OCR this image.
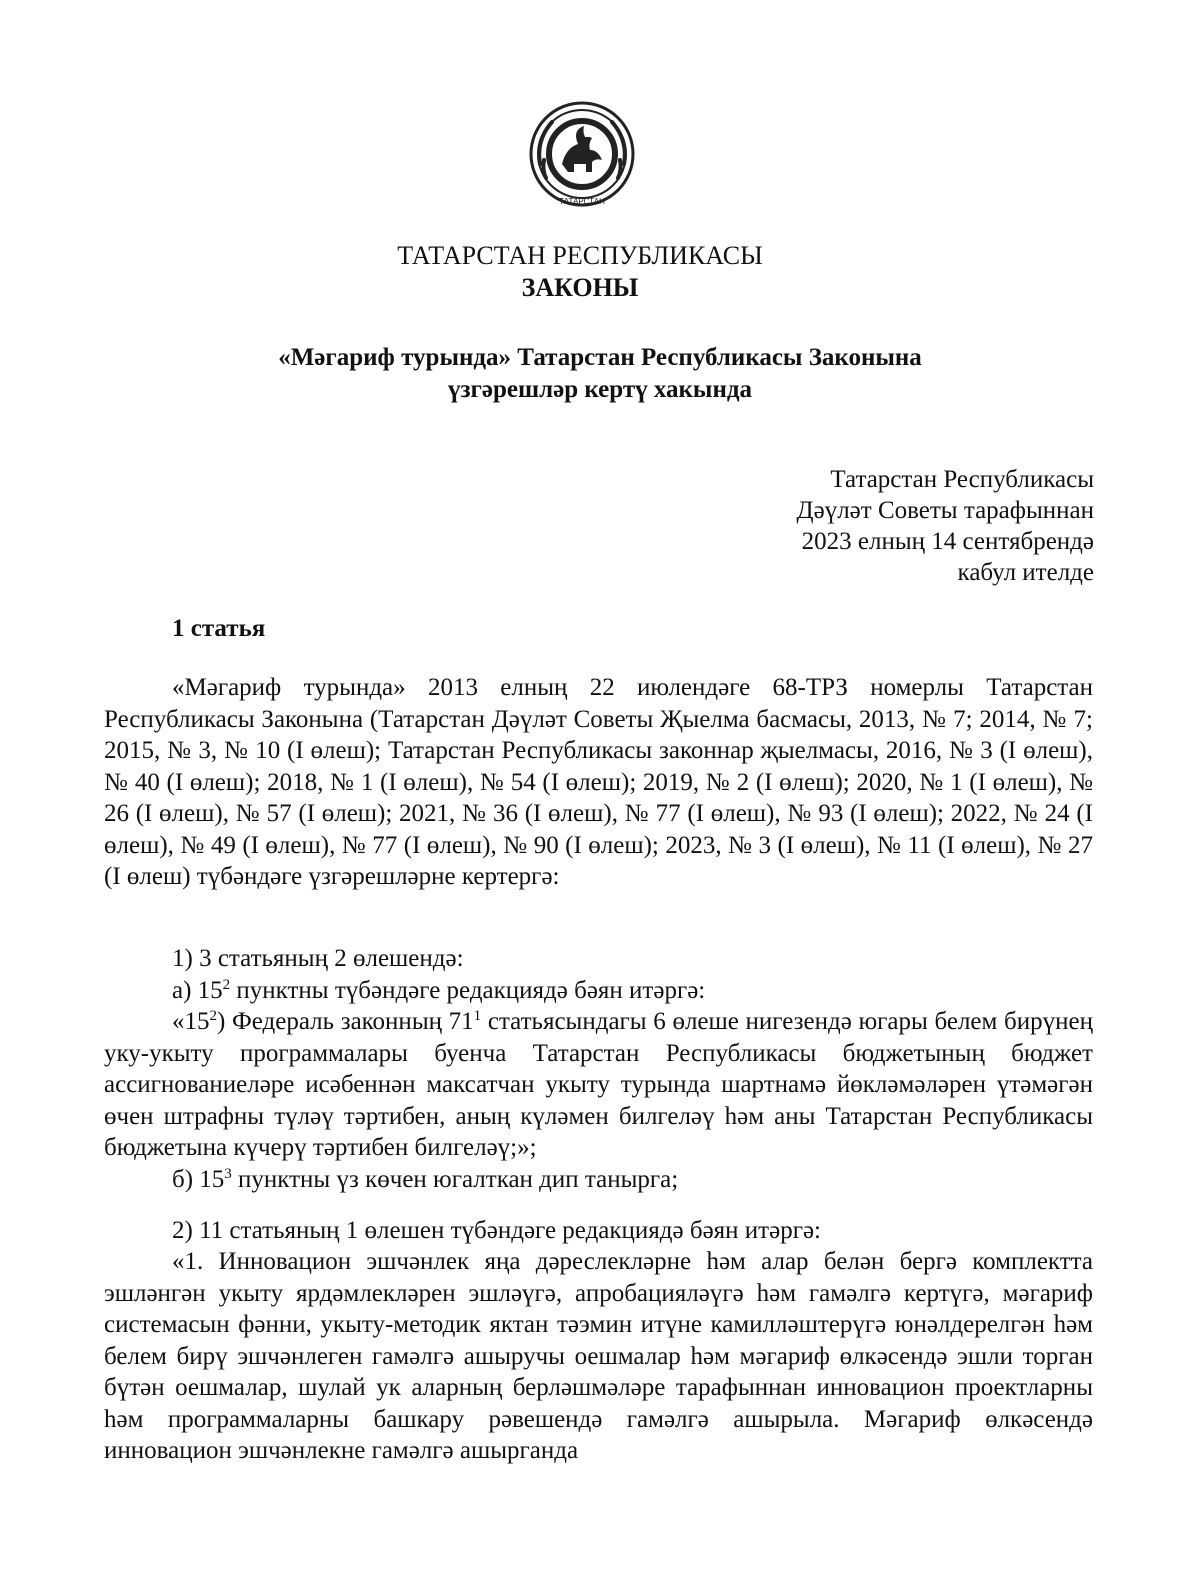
ТАТАРСТАН
ТАТАРСТАН РЕСПУБЛИКАСЫ
ЗАКОНЫ
«Мәгариф турында» Татарстан Республикасы Законына
үзгәрешләр кертү хакында
Татарстан Республикасы
Дәүләт Советы тарафыннан
2023 елның 14 сентябрендә
кабул ителде
1 статья
«Мәгариф турында» 2013 елның 22 июлендәге 68-ТРЗ номерлы Татарстан Республикасы Законына (Татарстан Дәүләт Советы Җыелма басмасы, 2013, № 7; 2014, № 7; 2015, № 3, № 10 (I өлеш); Татарстан Республикасы законнар җыелмасы, 2016, № 3 (I өлеш), № 40 (I өлеш); 2018, № 1 (I өлеш), № 54 (I өлеш); 2019, № 2 (I өлеш); 2020, № 1 (I өлеш), № 26 (I өлеш), № 57 (I өлеш); 2021, № 36 (I өлеш), № 77 (I өлеш), № 93 (I өлеш); 2022, № 24 (I өлеш), № 49 (I өлеш), № 77 (I өлеш), № 90 (I өлеш); 2023, № 3 (I өлеш), № 11 (I өлеш), № 27 (I өлеш) түбәндәге үзгәрешләрне кертергә:
1) 3 статьяның 2 өлешендә:
а) $15^2$ пунктны түбәндәге редакциядә бәян итәргә:
«$15^2$) Федераль законның $71^1$ статьясындагы 6 өлеше нигезендә югары белем бирүнең уку-укыту программалары буенча Татарстан Республикасы бюджетының бюджет ассигнованиеләре исәбеннән максатчан укыту турында шартнамә йөкләмәләрен үтәмәгән өчен штрафны түләү тәртибен, аның күләмен билгеләү һәм аны Татарстан Республикасы бюджетына күчерү тәртибен билгеләү;»;
б) $15^3$ пунктны үз көчен югалткан дип танырга;
2) 11 статьяның 1 өлешен түбәндәге редакциядә бәян итәргә:
«1. Инновацион эшчәнлек яңа дәреслекләрне һәм алар белән бергә комплектта эшләнгән укыту ярдәмлекләрен эшләүгә, апробацияләүгә һәм гамәлгә кертүгә, мәгариф системасын фәнни, укыту-методик яктан тәэмин итүне камилләштерүгә юнәлдерелгән һәм белем бирү эшчәнлеген гамәлгә ашыручы оешмалар һәм мәгариф өлкәсендә эшли торган бүтән оешмалар, шулай ук аларның берләшмәләре тарафыннан инновацион проектларны һәм программаларны башкару рәвешендә гамәлгә ашырыла. Мәгариф өлкәсендә инновацион эшчәнлекне гамәлгә ашырганда
